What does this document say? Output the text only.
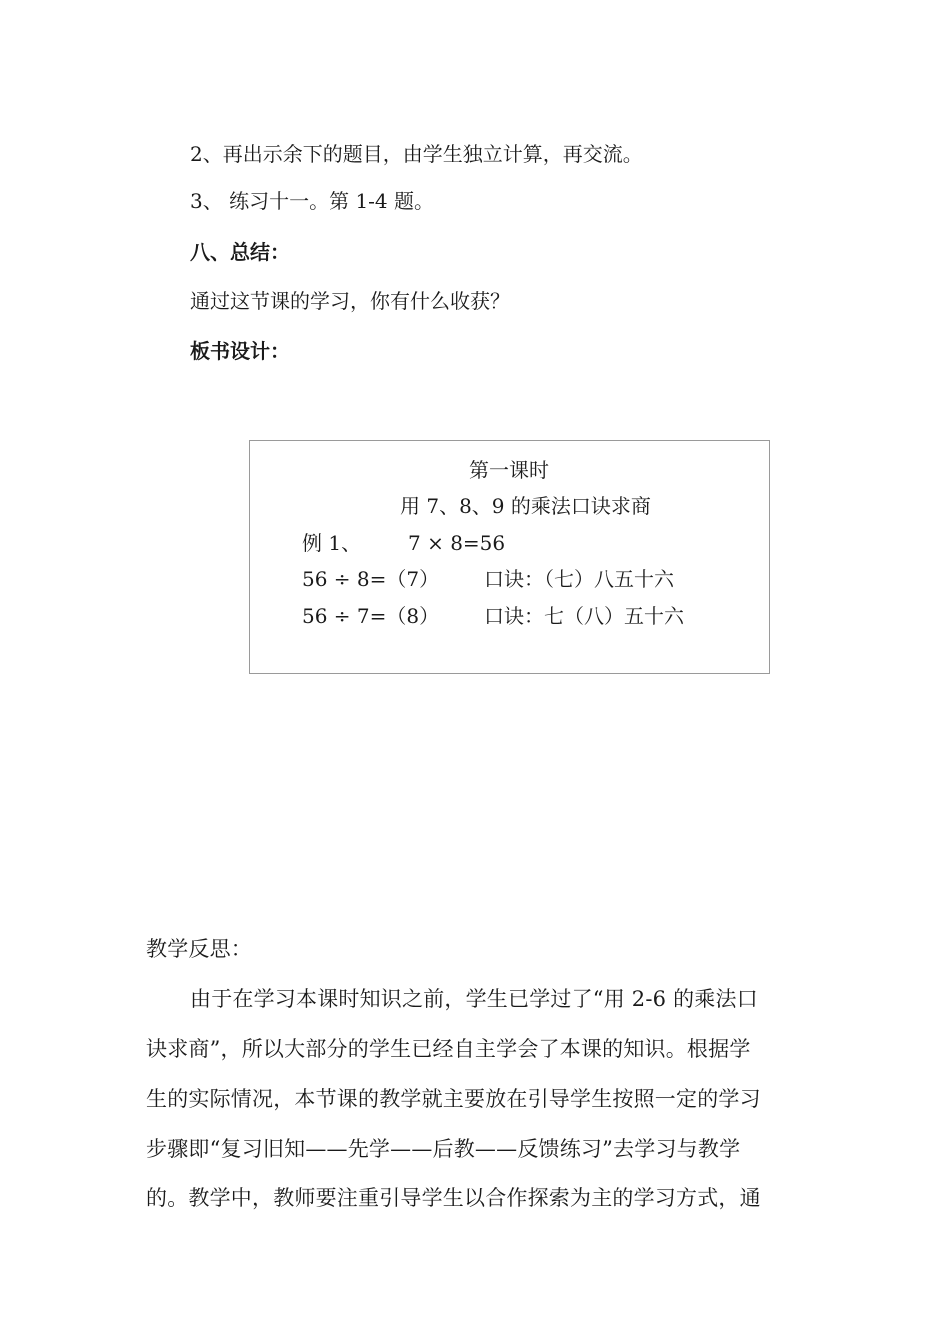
2、再出示余下的题目，由学生独立计算，再交流。
3、 练习十一。第 1-4 题。
八、总结：
通过这节课的学习，你有什么收获？
板书设计：
第一课时
用 7、8、9 的乘法口诀求商
例 1、 7 × 8=56
56 ÷ 8=（7） 口诀：（七）八五十六
56 ÷ 7=（8） 口诀：七（八）五十六
教学反思：
由于在学习本课时知识之前，学生已学过了“用 2-6 的乘法口
诀求商”，所以大部分的学生已经自主学会了本课的知识。根据学
生的实际情况，本节课的教学就主要放在引导学生按照一定的学习
步骤即“复习旧知——先学——后教——反馈练习”去学习与教学
的。教学中，教师要注重引导学生以合作探索为主的学习方式，通
